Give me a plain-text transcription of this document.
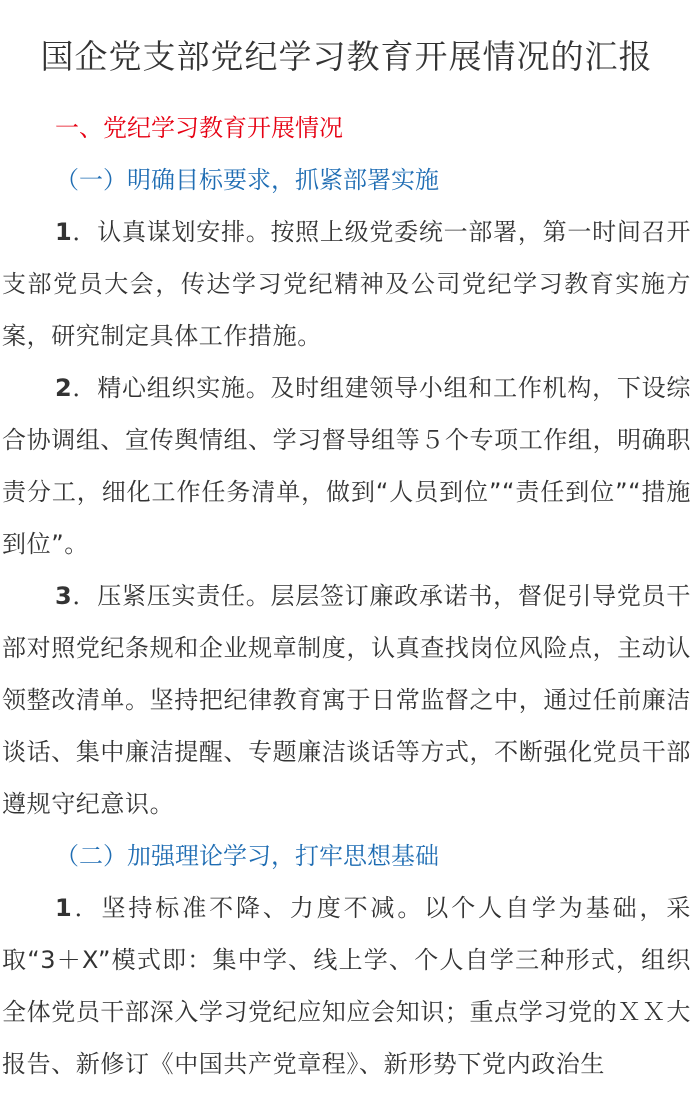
国企党支部党纪学习教育开展情况的汇报
一、党纪学习教育开展情况
（一）明确目标要求，抓紧部署实施

1．认真谋划安排。按照上级党委统一部署，第一时间召开支部党员大会，传达学习党纪精神及公司党纪学习教育实施方案，研究制定具体工作措施。

2．精心组织实施。及时组建领导小组和工作机构，下设综合协调组、宣传舆情组、学习督导组等５个专项工作组，明确职责分工，细化工作任务清单，做到“人员到位”“责任到位”“措施到位”。

3．压紧压实责任。层层签订廉政承诺书，督促引导党员干部对照党纪条规和企业规章制度，认真查找岗位风险点，主动认领整改清单。坚持把纪律教育寓于日常监督之中，通过任前廉洁谈话、集中廉洁提醒、专题廉洁谈话等方式，不断强化党员干部遵规守纪意识。

（二）加强理论学习，打牢思想基础

1．坚持标准不降、力度不减。以个人自学为基础，采取“3＋X”模式即：集中学、线上学、个人自学三种形式，组织全体党员干部深入学习党纪应知应会知识；重点学习党的ＸＸ大报告、新修订《中国共产党章程》、新形势下党内政治生
